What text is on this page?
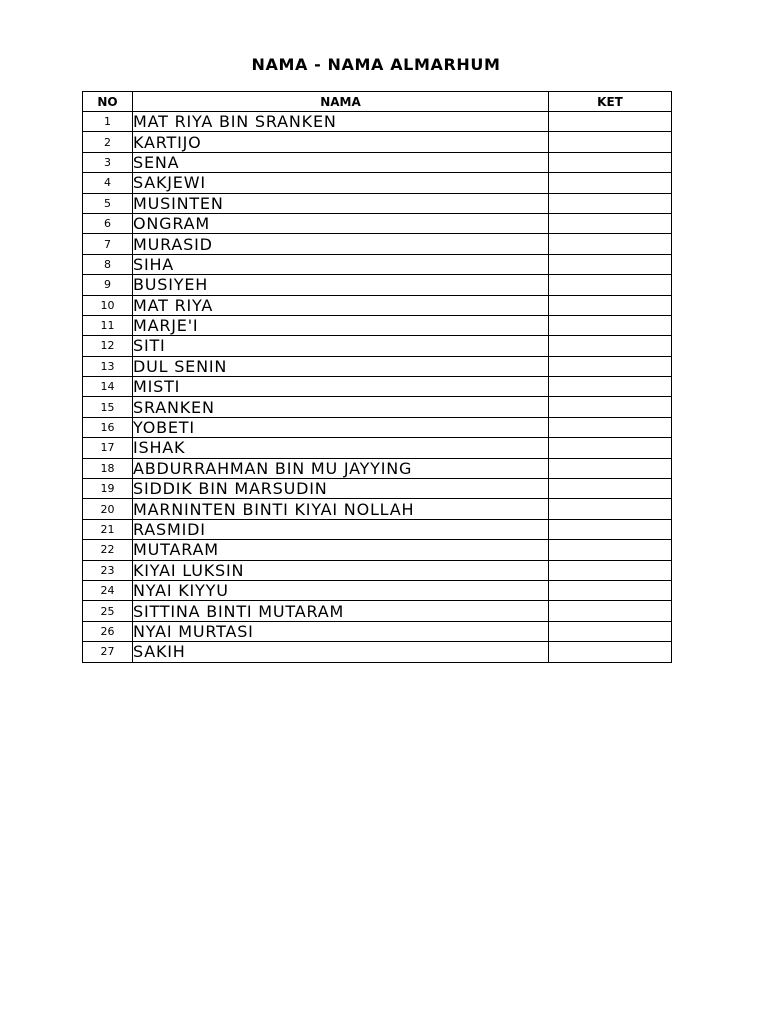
NAMA - NAMA ALMARHUM
NO	NAMA	KET
1	MAT RIYA BIN SRANKEN	
2	KARTIJO	
3	SENA	
4	SAKJEWI	
5	MUSINTEN	
6	ONGRAM	
7	MURASID	
8	SIHA	
9	BUSIYEH	
10	MAT RIYA	
11	MARJE'I	
12	SITI	
13	DUL SENIN	
14	MISTI	
15	SRANKEN	
16	YOBETI	
17	ISHAK	
18	ABDURRAHMAN BIN MU JAYYING	
19	SIDDIK BIN MARSUDIN	
20	MARNINTEN BINTI KIYAI NOLLAH	
21	RASMIDI	
22	MUTARAM	
23	KIYAI LUKSIN	
24	NYAI KIYYU	
25	SITTINA BINTI MUTARAM	
26	NYAI MURTASI	
27	SAKIH	
